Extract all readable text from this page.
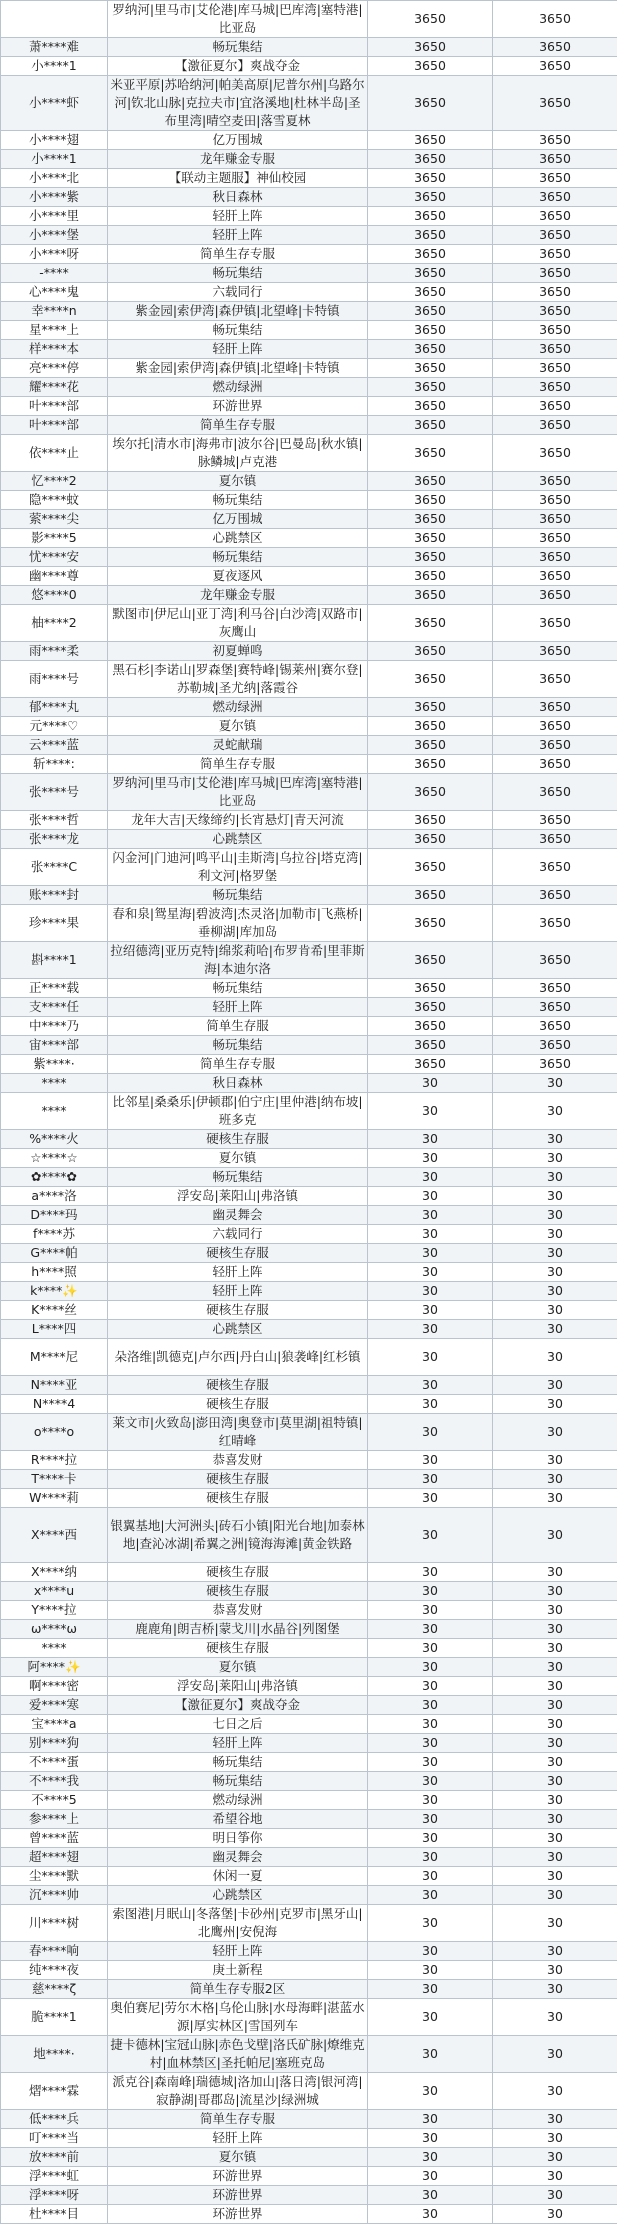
	罗纳河|里马市|艾伦港|库马城|巴库湾|塞特港|比亚岛	3650	3650
萧****难	畅玩集结	3650	3650
小****1	【激征夏尔】爽战夺金	3650	3650
小****虾	米亚平原|苏哈纳河|帕美高原|尼普尔州|乌路尔河|钦北山脉|克拉夫市|宜洛溪地|杜林半岛|圣布里湾|晴空麦田|落雪夏林	3650	3650
小****翅	亿万围城	3650	3650
小****1	龙年赚金专服	3650	3650
小****北	【联动主题服】神仙校园	3650	3650
小****紫	秋日森林	3650	3650
小****里	轻肝上阵	3650	3650
小****堡	轻肝上阵	3650	3650
小****呀	简单生存专服	3650	3650
-****	畅玩集结	3650	3650
心****鬼	六载同行	3650	3650
幸****n	紫金园|索伊湾|森伊镇|北望峰|卡特镇	3650	3650
星****上	畅玩集结	3650	3650
样****本	轻肝上阵	3650	3650
亮****停	紫金园|索伊湾|森伊镇|北望峰|卡特镇	3650	3650
耀****花	燃动绿洲	3650	3650
叶****部	环游世界	3650	3650
叶****部	简单生存专服	3650	3650
依****止	埃尔托|清水市|海弗市|波尔谷|巴曼岛|秋水镇|脉鳞城|卢克港	3650	3650
忆****2	夏尔镇	3650	3650
隐****蚊	畅玩集结	3650	3650
萦****尖	亿万围城	3650	3650
影****5	心跳禁区	3650	3650
忧****安	畅玩集结	3650	3650
幽****尊	夏夜逐风	3650	3650
悠****0	龙年赚金专服	3650	3650
柚****2	默图市|伊尼山|亚丁湾|利马谷|白沙湾|双路市|灰鹰山	3650	3650
雨****柔	初夏蝉鸣	3650	3650
雨****号	黑石杉|李诺山|罗森堡|赛特峰|锡莱州|赛尔登|苏勒城|圣尤纳|落霞谷	3650	3650
郁****丸	燃动绿洲	3650	3650
元****♡	夏尔镇	3650	3650
云****蓝	灵蛇献瑞	3650	3650
斩****:	简单生存专服	3650	3650
张****号	罗纳河|里马市|艾伦港|库马城|巴库湾|塞特港|比亚岛	3650	3650
张****哲	龙年大吉|天缘缔约|长宵悬灯|青天河流	3650	3650
张****龙	心跳禁区	3650	3650
张****C	闪金河|门迪河|鸣平山|圭斯湾|乌拉谷|塔克湾|利文河|格罗堡	3650	3650
账****封	畅玩集结	3650	3650
珍****果	春和泉|鸳星海|碧波湾|杰灵洛|加勒市|飞燕桥|垂柳湖|库加岛	3650	3650
斟****1	拉绍德湾|亚历克特|绵浆莉哈|布罗肯希|里菲斯海|本迪尔洛	3650	3650
正****载	畅玩集结	3650	3650
支****任	轻肝上阵	3650	3650
中****乃	简单生存服	3650	3650
宙****部	畅玩集结	3650	3650
紫****·	简单生存专服	3650	3650
****	秋日森林	30	30
****	比邻星|桑桑乐|伊顿郡|伯宁庄|里仲港|纳布坡|班多克	30	30
%****火	硬核生存服	30	30
☆****☆	夏尔镇	30	30
✿****✿	畅玩集结	30	30
a****洛	浮安岛|莱阳山|弗洛镇	30	30
D****玛	幽灵舞会	30	30
f****苏	六载同行	30	30
G****帕	硬核生存服	30	30
h****照	轻肝上阵	30	30
k****✨	轻肝上阵	30	30
K****丝	硬核生存服	30	30
L****四	心跳禁区	30	30
M****尼	朵洛维|凯德克|卢尔西|丹白山|狼袭峰|红杉镇	30	30
N****亚	硬核生存服	30	30
N****4	硬核生存服	30	30
o****o	莱文市|火致岛|澎田湾|奥登市|莫里湖|祖特镇|红晴峰	30	30
R****拉	恭喜发财	30	30
T****卡	硬核生存服	30	30
W****莉	硬核生存服	30	30
X****西	银翼基地|大河洲头|砖石小镇|阳光台地|加泰林地|查沁冰湖|希翼之洲|镜海海滩|黄金铁路	30	30
X****纳	硬核生存服	30	30
x****u	硬核生存服	30	30
Y****拉	恭喜发财	30	30
ω****ω	鹿鹿角|朗吉桥|蒙戈川|水晶谷|列图堡	30	30
****	硬核生存服	30	30
阿****✨	夏尔镇	30	30
啊****密	浮安岛|莱阳山|弗洛镇	30	30
爱****寒	【激征夏尔】爽战夺金	30	30
宝****a	七日之后	30	30
别****狗	轻肝上阵	30	30
不****蛋	畅玩集结	30	30
不****我	畅玩集结	30	30
不****5	燃动绿洲	30	30
参****上	希望谷地	30	30
曾****蓝	明日筝你	30	30
超****翅	幽灵舞会	30	30
尘****默	休闲一夏	30	30
沉****帅	心跳禁区	30	30
川****树	索图港|月眠山|冬落堡|卡砂州|克罗市|黑牙山|北鹰州|安倪海	30	30
春****响	轻肝上阵	30	30
纯****夜	庚土新程	30	30
慈****ζ	简单生存专服2区	30	30
脆****1	奥伯赛尼|劳尔木格|乌伦山脉|水母海畔|湛蓝水源|厚实林区|雪国列车	30	30
地****·	捷卡德林|宝冠山脉|赤色戈壁|洛氏矿脉|燎维克村|血林禁区|圣托帕尼|塞班克岛	30	30
熠****霖	派克谷|森南峰|瑞德城|洛加山|落日湾|银河湾|寂静湖|哥郡岛|流星沙|绿洲城	30	30
低****兵	简单生存专服	30	30
叮****当	轻肝上阵	30	30
放****前	夏尔镇	30	30
浮****虹	环游世界	30	30
浮****呀	环游世界	30	30
杜****目	环游世界	30	30
